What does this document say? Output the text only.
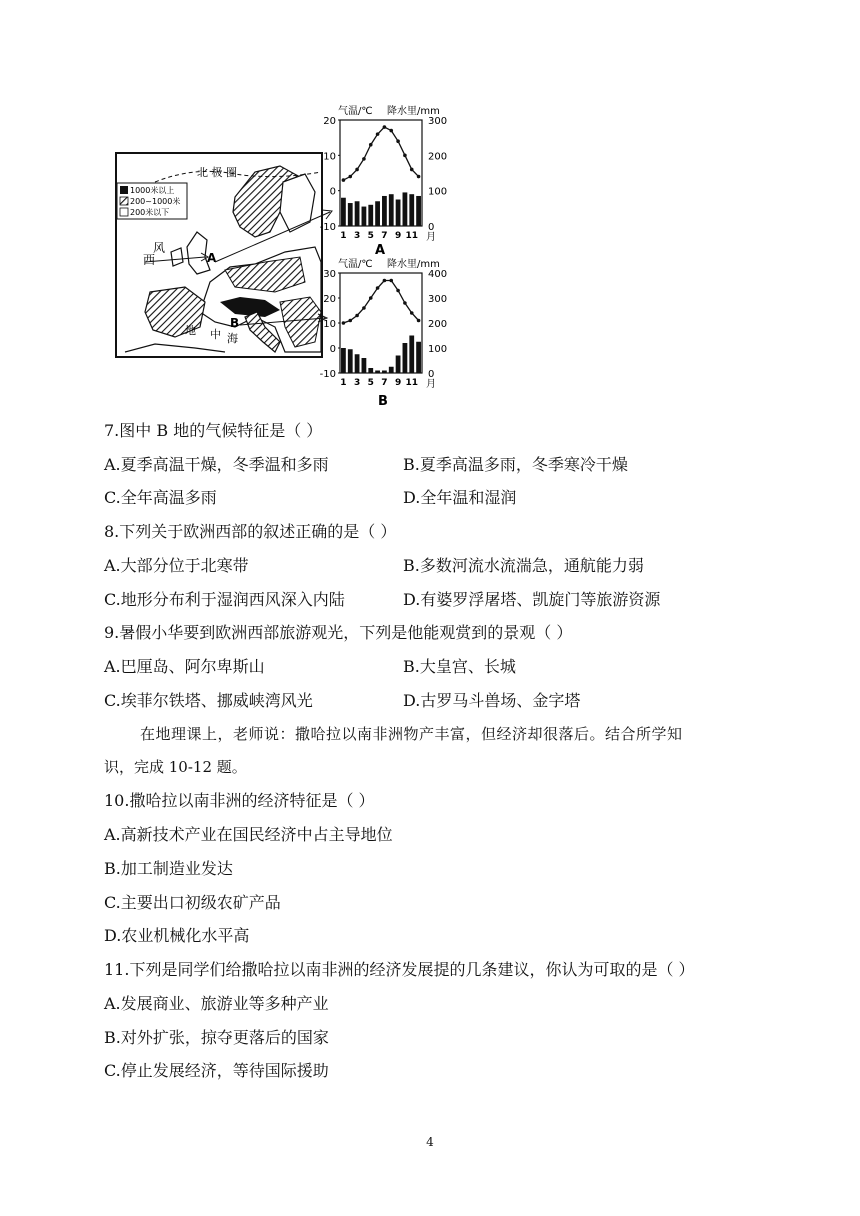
1000米以上
200~1000米
200米以下
北 极 圈
西
风
A
B
地 中 海
气温/℃ 降水里/mm
20
10
0
-10
300
200
100
0
1 3 5 7 9 11 月
A
气温/℃ 降水里/mm
30
20
10
0
-10
400
300
200
100
0
1 3 5 7 9 11 月
B
7.图中 B 地的气候特征是（ ）
A.夏季高温干燥，冬季温和多雨	B.夏季高温多雨，冬季寒冷干燥
C.全年高温多雨	D.全年温和湿润
8.下列关于欧洲西部的叙述正确的是（ ）
A.大部分位于北寒带	B.多数河流水流湍急，通航能力弱
C.地形分布利于湿润西风深入内陆	D.有婆罗浮屠塔、凯旋门等旅游资源
9.暑假小华要到欧洲西部旅游观光，下列是他能观赏到的景观（ ）
A.巴厘岛、阿尔卑斯山	B.大皇宫、长城
C.埃菲尔铁塔、挪威峡湾风光	D.古罗马斗兽场、金字塔
在地理课上，老师说：撒哈拉以南非洲物产丰富，但经济却很落后。结合所学知
识，完成 10-12 题。
10.撒哈拉以南非洲的经济特征是（ ）
A.高新技术产业在国民经济中占主导地位
B.加工制造业发达
C.主要出口初级农矿产品
D.农业机械化水平高
11.下列是同学们给撒哈拉以南非洲的经济发展提的几条建议，你认为可取的是（ ）
A.发展商业、旅游业等多种产业
B.对外扩张，掠夺更落后的国家
C.停止发展经济，等待国际援助
4
